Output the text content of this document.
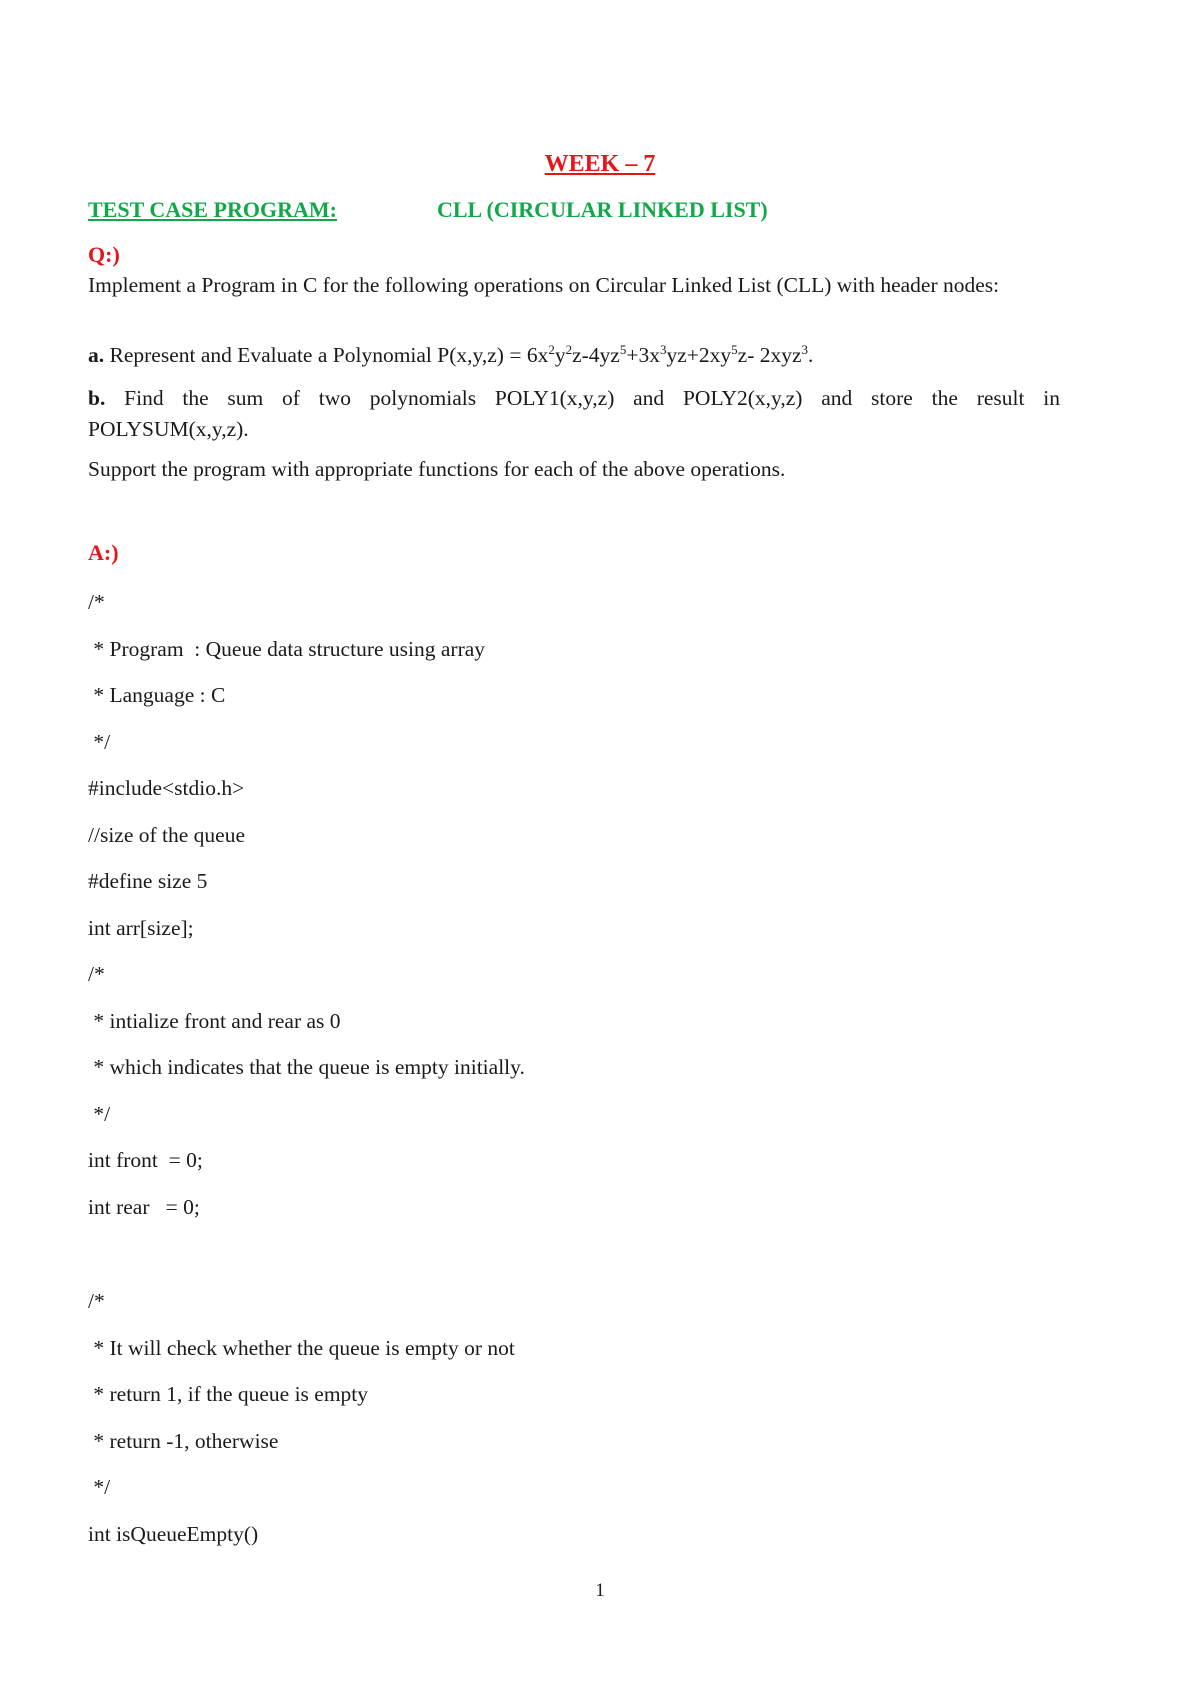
WEEK – 7
TEST CASE PROGRAM:	CLL (CIRCULAR LINKED LIST)
Q:)
Implement a Program in C for the following operations on Circular Linked List (CLL) with header nodes:
a. Represent and Evaluate a Polynomial $P(x,y,z) = 6x^2y^2z-4yz^5+3x^3yz+2xy^5z-$ 2xyz$^3$.
b. Find the sum of two polynomials POLY1(x,y,z) and POLY2(x,y,z) and store the result in
POLYSUM(x,y,z).
Support the program with appropriate functions for each of the above operations.
A:)
/*
* Program  : Queue data structure using array
* Language : C
*/
#include<stdio.h>
//size of the queue
#define size 5
int arr[size];
/*
* intialize front and rear as 0
* which indicates that the queue is empty initially.
*/
int front  = 0;
int rear   = 0;
/*
* It will check whether the queue is empty or not
* return 1, if the queue is empty
* return -1, otherwise
*/
int isQueueEmpty()
1
